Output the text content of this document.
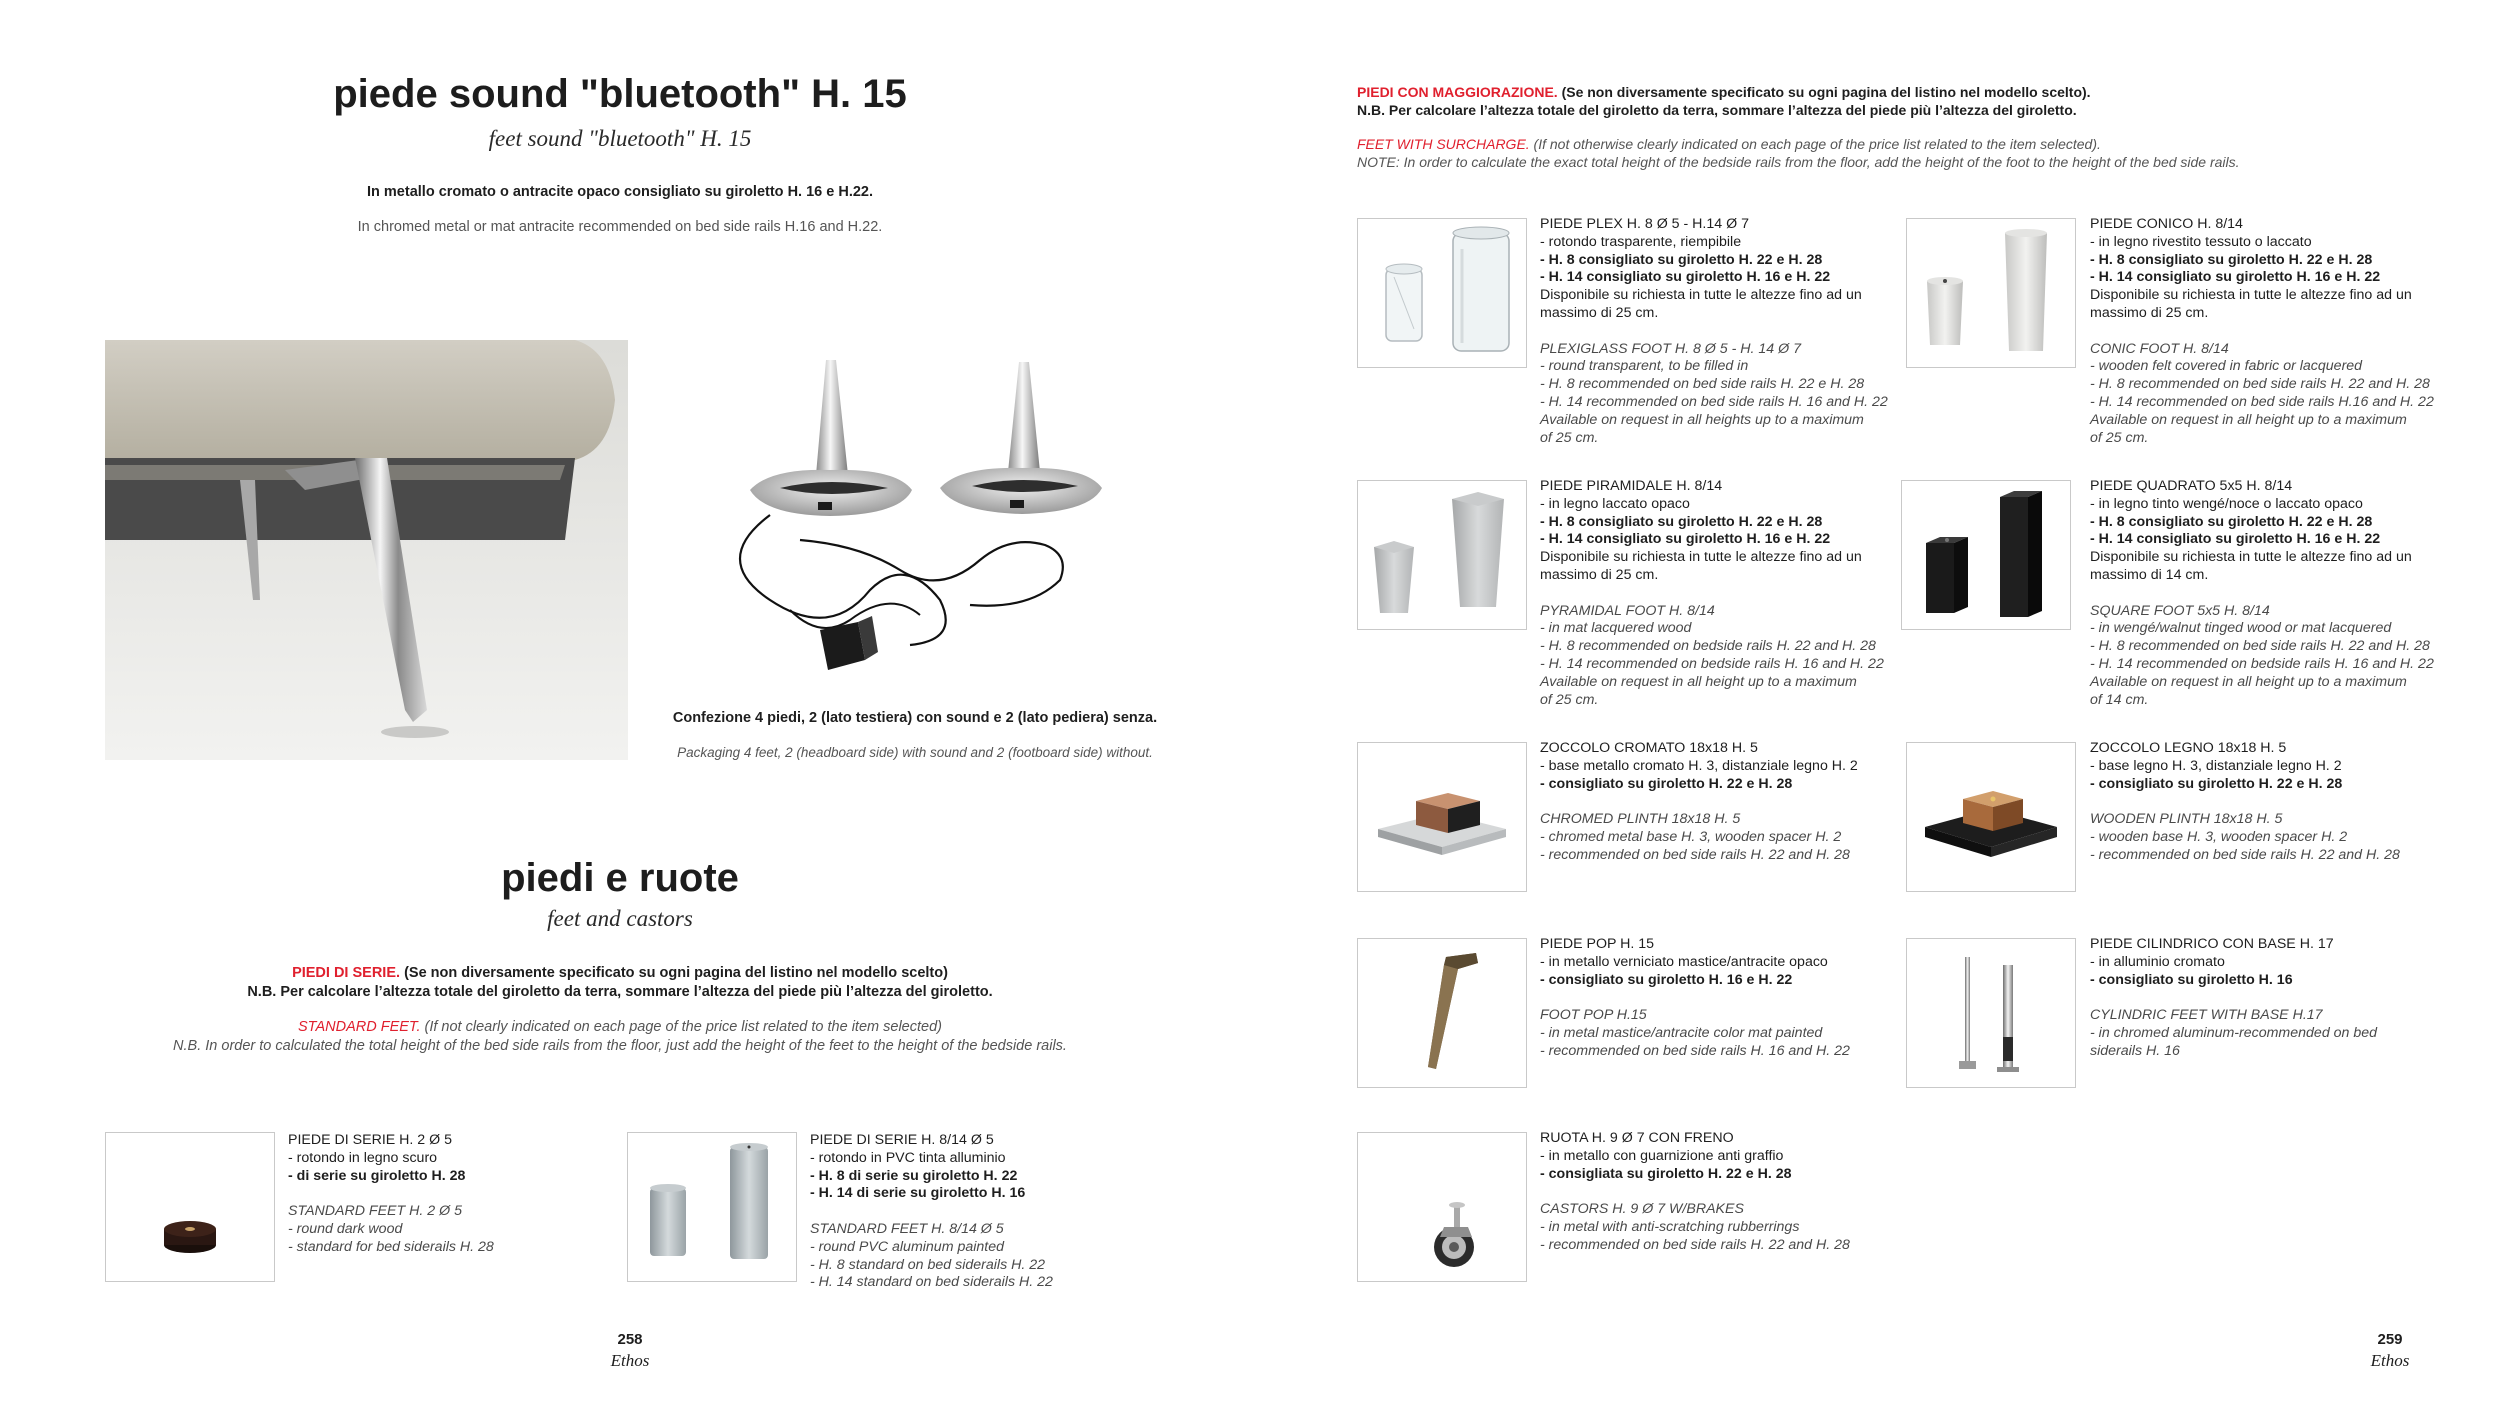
piede sound "bluetooth" H. 15
feet sound "bluetooth" H. 15
In metallo cromato o antracite opaco consigliato su giroletto H. 16 e H.22.
In chromed metal or mat antracite recommended on bed side rails H.16 and H.22.
Confezione 4 piedi, 2 (lato testiera) con sound e 2 (lato pediera) senza.
Packaging 4 feet, 2 (headboard side) with sound and 2 (footboard side) without.
piedi e ruote
feet and castors
PIEDI DI SERIE. (Se non diversamente specificato su ogni pagina del listino nel modello scelto)
N.B. Per calcolare l’altezza totale del giroletto da terra, sommare l’altezza del piede più l’altezza del giroletto.
STANDARD FEET. (If not clearly indicated on each page of the price list related to the item selected)
N.B. In order to calculated the total height of the bed side rails from the floor, just add the height of the feet to the height of the bedside rails.
PIEDE DI SERIE H. 2 Ø 5
- rotondo in legno scuro
- di serie su giroletto H. 28
STANDARD FEET H. 2 Ø 5
- round dark wood
- standard for bed siderails H. 28
PIEDE DI SERIE H. 8/14 Ø 5
- rotondo in PVC tinta alluminio
- H. 8 di serie su giroletto H. 22
- H. 14 di serie su giroletto H. 16
STANDARD FEET H. 8/14 Ø 5
- round PVC aluminum painted
- H. 8 standard on bed siderails H. 22
- H. 14 standard on bed siderails H. 22
258
Ethos
PIEDI CON MAGGIORAZIONE. (Se non diversamente specificato su ogni pagina del listino nel modello scelto).
N.B. Per calcolare l’altezza totale del giroletto da terra, sommare l’altezza del piede più l’altezza del giroletto.
FEET WITH SURCHARGE. (If not otherwise clearly indicated on each page of the price list related to the item selected).
NOTE: In order to calculate the exact total height of the bedside rails from the floor, add the height of the foot to the height of the bed side rails.
PIEDE PLEX H. 8 Ø 5 - H.14 Ø 7
- rotondo trasparente, riempibile
- H. 8 consigliato su giroletto H. 22 e H. 28
- H. 14 consigliato su giroletto H. 16 e H. 22
Disponibile su richiesta in tutte le altezze fino ad un
massimo di 25 cm.
PLEXIGLASS FOOT H. 8 Ø 5 - H. 14 Ø 7
- round transparent, to be filled in
- H. 8 recommended on bed side rails H. 22 e H. 28
- H. 14 recommended on bed side rails H. 16 and H. 22
Available on request in all heights up to a maximum
of 25 cm.
PIEDE CONICO H. 8/14
- in legno rivestito tessuto o laccato
- H. 8 consigliato su giroletto H. 22 e H. 28
- H. 14 consigliato su giroletto H. 16 e H. 22
Disponibile su richiesta in tutte le altezze fino ad un
massimo di 25 cm.
CONIC FOOT H. 8/14
- wooden felt covered in fabric or lacquered
- H. 8 recommended on bed side rails H. 22 and H. 28
- H. 14 recommended on bed side rails H.16 and H. 22
Available on request in all height up to a maximum
of 25 cm.
PIEDE PIRAMIDALE H. 8/14
- in legno laccato opaco
- H. 8 consigliato su giroletto H. 22 e H. 28
- H. 14 consigliato su giroletto H. 16 e H. 22
Disponibile su richiesta in tutte le altezze fino ad un
massimo di 25 cm.
PYRAMIDAL FOOT H. 8/14
- in mat lacquered wood
- H. 8 recommended on bedside rails H. 22 and H. 28
- H. 14 recommended on bedside rails H. 16 and H. 22
Available on request in all height up to a maximum
of 25 cm.
PIEDE QUADRATO 5x5 H. 8/14
- in legno tinto wengé/noce o laccato opaco
- H. 8 consigliato su giroletto H. 22 e H. 28
- H. 14 consigliato su giroletto H. 16 e H. 22
Disponibile su richiesta in tutte le altezze fino ad un
massimo di 14 cm.
SQUARE FOOT 5x5 H. 8/14
- in wengé/walnut tinged wood or mat lacquered
- H. 8 recommended on bed side rails H. 22 and H. 28
- H. 14 recommended on bedside rails H. 16 and H. 22
Available on request in all height up to a maximum
of 14 cm.
ZOCCOLO CROMATO 18x18 H. 5
- base metallo cromato H. 3, distanziale legno H. 2
- consigliato su giroletto H. 22 e H. 28
CHROMED PLINTH 18x18 H. 5
- chromed metal base H. 3, wooden spacer H. 2
- recommended on bed side rails H. 22 and H. 28
ZOCCOLO LEGNO 18x18 H. 5
- base legno H. 3, distanziale legno H. 2
- consigliato su giroletto H. 22 e H. 28
WOODEN PLINTH 18x18 H. 5
- wooden base H. 3, wooden spacer H. 2
- recommended on bed side rails H. 22 and H. 28
PIEDE POP H. 15
- in metallo verniciato mastice/antracite opaco
- consigliato su giroletto H. 16 e H. 22
FOOT POP H.15
- in metal mastice/antracite color mat painted
- recommended on bed side rails H. 16 and H. 22
PIEDE CILINDRICO CON BASE H. 17
- in alluminio cromato
- consigliato su giroletto H. 16
CYLINDRIC FEET WITH BASE H.17
- in chromed aluminum-recommended on bed
siderails H. 16
RUOTA H. 9 Ø 7 CON FRENO
- in metallo con guarnizione anti graffio
- consigliata su giroletto H. 22 e H. 28
CASTORS H. 9 Ø 7 W/BRAKES
- in metal with anti-scratching rubberrings
- recommended on bed side rails H. 22 and H. 28
259
Ethos
